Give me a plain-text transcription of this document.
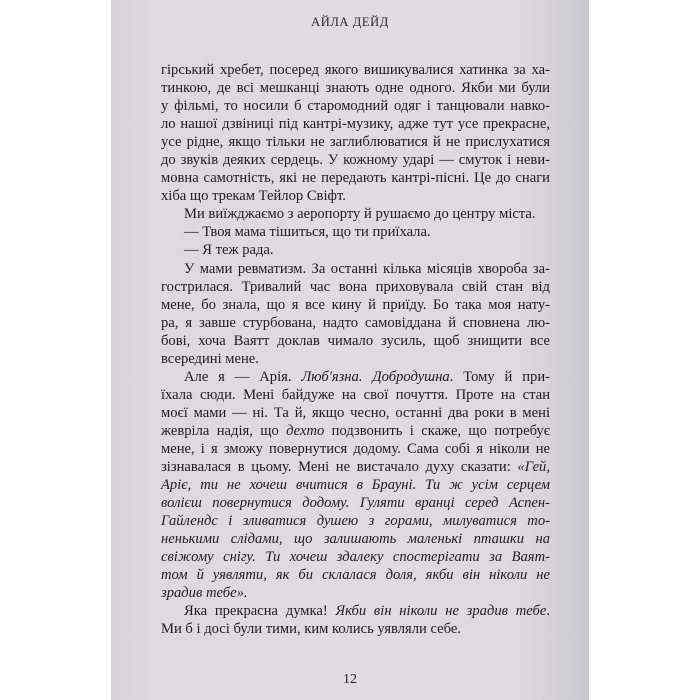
АЙЛА ДЕЙД
гірський хребет, посеред якого вишикувалися хатинка за ха-
тинкою, де всі мешканці знають одне одного. Якби ми були
у фільмі, то носили б старомодний одяг і танцювали навко-
ло нашої дзвіниці під кантрі-музику, адже тут усе прекрасне,
усе рідне, якщо тільки не заглиблюватися й не прислухатися
до звуків деяких сердець. У кожному ударі — смуток і неви-
мовна самотність, які не передають кантрі-пісні. Це до снаги
хіба що трекам Тейлор Свіфт.
Ми виїжджаємо з аеропорту й рушаємо до центру міста.
— Твоя мама тішиться, що ти приїхала.
— Я теж рада.
У мами ревматизм. За останні кілька місяців хвороба за-
гострилася. Тривалий час вона приховувала свій стан від
мене, бо знала, що я все кину й приїду. Бо така моя нату-
ра, я завше стурбована, надто самовіддана й сповнена лю-
бові, хоча Ваятт доклав чимало зусиль, щоб знищити все
всередині мене.
Але я — Арія. Люб'язна. Добродушна. Тому й при-
їхала сюди. Мені байдуже на свої почуття. Проте на стан
моєї мами — ні. Та й, якщо чесно, останні два роки в мені
жевріла надія, що дехто подзвонить і скаже, що потребує
мене, і я зможу повернутися додому. Сама собі я ніколи не
зізнавалася в цьому. Мені не вистачало духу сказати: «Гей,
Аріє, ти не хочеш вчитися в Брауні. Ти ж усім серцем
волієш повернутися додому. Гуляти вранці серед Аспен-
Гайлендс і зливатися душею з горами, милуватися то-
ненькими слідами, що залишають маленькі пташки на
свіжому снігу. Ти хочеш здалеку спостерігати за Ваят-
том й уявляти, як би склалася доля, якби він ніколи не
зрадив тебе».
Яка прекрасна думка! Якби він ніколи не зрадив тебе.
Ми б і досі були тими, ким колись уявляли себе.
12
